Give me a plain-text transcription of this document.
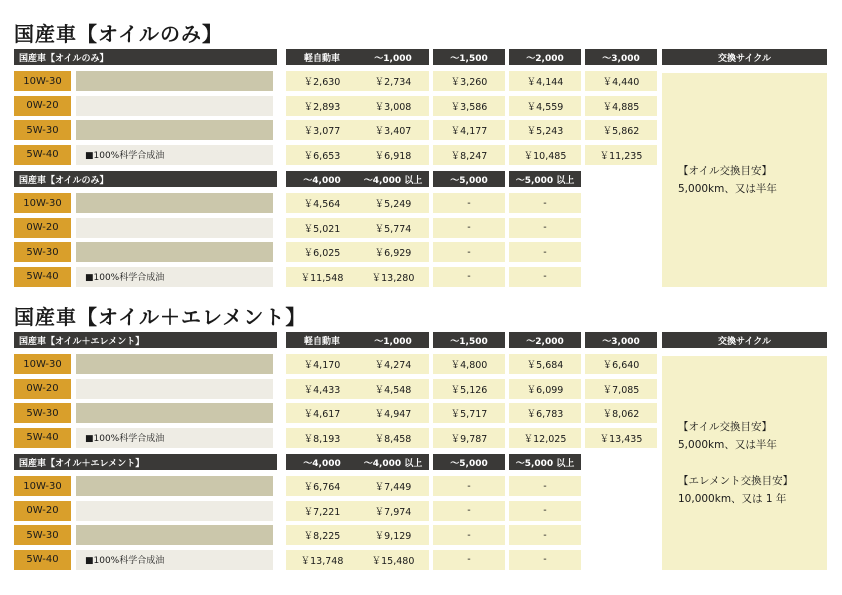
国産車【オイルのみ】
国産車【オイルのみ】	軽自動車	～1,000	～1,500	～2,000	～3,000
10W-30	￥2,630	￥2,734	￥3,260	￥4,144	￥4,440
0W-20	￥2,893	￥3,008	￥3,586	￥4,559	￥4,885
5W-30	￥3,077	￥3,407	￥4,177	￥5,243	￥5,862
5W-40	■100%科学合成油	￥6,653	￥6,918	￥8,247	￥10,485	￥11,235
国産車【オイルのみ】	～4,000	～4,000 以上	～5,000	～5,000 以上
10W-30	￥4,564	￥5,249	-	-
0W-20	￥5,021	￥5,774	-	-
5W-30	￥6,025	￥6,929	-	-
5W-40	■100%科学合成油	￥11,548	￥13,280	-	-
交換サイクル
【オイル交換目安】
5,000km、又は半年
国産車【オイル＋エレメント】
国産車【オイル＋エレメント】	軽自動車	～1,000	～1,500	～2,000	～3,000
10W-30	￥4,170	￥4,274	￥4,800	￥5,684	￥6,640
0W-20	￥4,433	￥4,548	￥5,126	￥6,099	￥7,085
5W-30	￥4,617	￥4,947	￥5,717	￥6,783	￥8,062
5W-40	■100%科学合成油	￥8,193	￥8,458	￥9,787	￥12,025	￥13,435
国産車【オイル＋エレメント】	～4,000	～4,000 以上	～5,000	～5,000 以上
10W-30	￥6,764	￥7,449	-	-
0W-20	￥7,221	￥7,974	-	-
5W-30	￥8,225	￥9,129	-	-
5W-40	■100%科学合成油	￥13,748	￥15,480	-	-
交換サイクル
【オイル交換目安】
5,000km、又は半年
【エレメント交換目安】
10,000km、又は 1 年
